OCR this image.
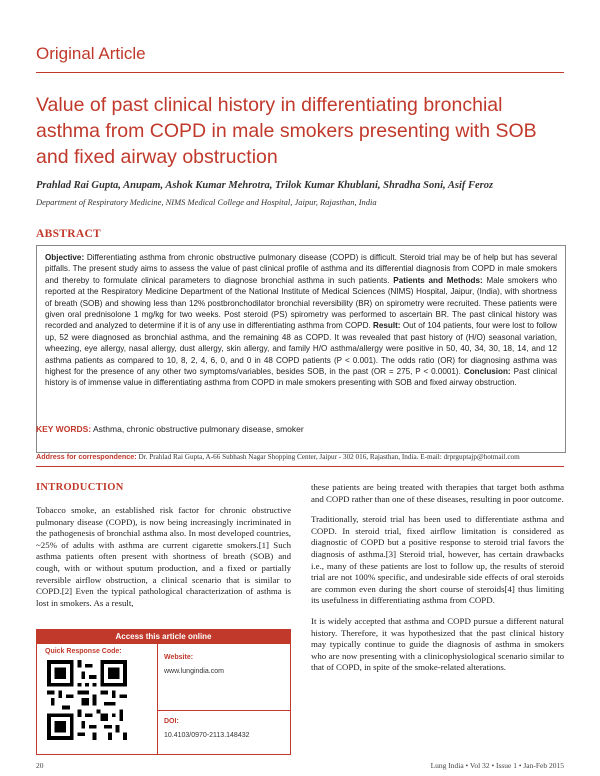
Original Article
Value of past clinical history in differentiating bronchial asthma from COPD in male smokers presenting with SOB and fixed airway obstruction
Prahlad Rai Gupta, Anupam, Ashok Kumar Mehrotra, Trilok Kumar Khublani, Shradha Soni, Asif Feroz
Department of Respiratory Medicine, NIMS Medical College and Hospital, Jaipur, Rajasthan, India
ABSTRACT

Objective: Differentiating asthma from chronic obstructive pulmonary disease (COPD) is difficult. Steroid trial may be of help but has several pitfalls. The present study aims to assess the value of past clinical profile of asthma and its differential diagnosis from COPD in male smokers and thereby to formulate clinical parameters to diagnose bronchial asthma in such patients. Patients and Methods: Male smokers who reported at the Respiratory Medicine Department of the National Institute of Medical Sciences (NIMS) Hospital, Jaipur, (India), with shortness of breath (SOB) and showing less than 12% postbronchodilator bronchial reversibility (BR) on spirometry were recruited. These patients were given oral prednisolone 1 mg/kg for two weeks. Post steroid (PS) spirometry was performed to ascertain BR. The past clinical history was recorded and analyzed to determine if it is of any use in differentiating asthma from COPD. Result: Out of 104 patients, four were lost to follow up, 52 were diagnosed as bronchial asthma, and the remaining 48 as COPD. It was revealed that past history of (H/O) seasonal variation, wheezing, eye allergy, nasal allergy, dust allergy, skin allergy, and family H/O asthma/allergy were positive in 50, 40, 34, 30, 18, 14, and 12 asthma patients as compared to 10, 8, 2, 4, 6, 0, and 0 in 48 COPD patients (P < 0.001). The odds ratio (OR) for diagnosing asthma was highest for the presence of any other two symptoms/variables, besides SOB, in the past (OR = 275, P < 0.0001). Conclusion: Past clinical history is of immense value in differentiating asthma from COPD in male smokers presenting with SOB and fixed airway obstruction.

KEY WORDS: Asthma, chronic obstructive pulmonary disease, smoker
Address for correspondence: Dr. Prahlad Rai Gupta, A-66 Subhash Nagar Shopping Center, Jaipur - 302 016, Rajasthan, India. E-mail: drprguptajp@hotmail.com
INTRODUCTION

Tobacco smoke, an established risk factor for chronic obstructive pulmonary disease (COPD), is now being increasingly incriminated in the pathogenesis of bronchial asthma also. In most developed countries, ~25% of adults with asthma are current cigarette smokers.[1] Such asthma patients often present with shortness of breath (SOB) and cough, with or without sputum production, and a fixed or partially reversible airflow obstruction, a clinical scenario that is similar to COPD.[2] Even the typical pathological characterization of asthma is lost in smokers. As a result,

these patients are being treated with therapies that target both asthma and COPD rather than one of these diseases, resulting in poor outcome.

Traditionally, steroid trial has been used to differentiate asthma and COPD. In steroid trial, fixed airflow limitation is considered as diagnostic of COPD but a positive response to steroid trial favors the diagnosis of asthma.[3] Steroid trial, however, has certain drawbacks i.e., many of these patients are lost to follow up, the results of steroid trial are not 100% specific, and undesirable side effects of oral steroids are common even during the short course of steroids[4] thus limiting its usefulness in differentiating asthma from COPD.

It is widely accepted that asthma and COPD pursue a different natural history. Therefore, it was hypothesized that the past clinical history may typically continue to guide the diagnosis of asthma in smokers who are now presenting with a clinicophysiological scenario similar to that of COPD, in spite of the smoke-related alterations.

Access this article online
Quick Response Code:
Website:
www.lungindia.com
DOI:
10.4103/0970-2113.148432
20	Lung India • Vol 32 • Issue 1 • Jan-Feb 2015
